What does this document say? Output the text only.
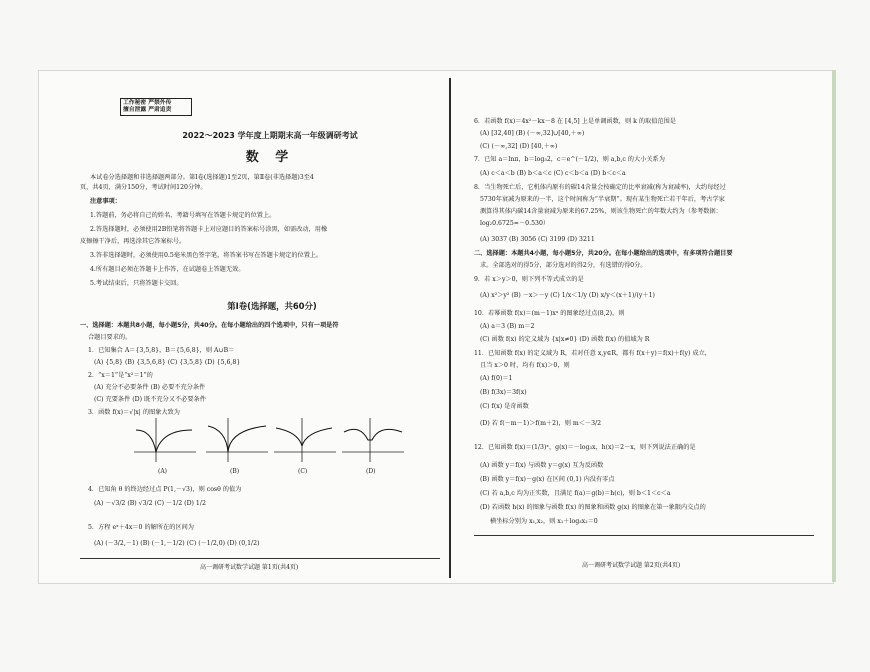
工作秘密 严禁外传
擅自泄露 严肃追责
2022～2023 学年度上期期末高一年级调研考试
数 学
本试卷分选择题和非选择题两部分。第Ⅰ卷(选择题)1至2页，第Ⅱ卷(非选择题)3至4
页，共4页，满分150分，考试时间120分钟。
注意事项：
1.答题前，务必将自己的姓名、考籍号填写在答题卡规定的位置上。
2.答选择题时，必须使用2B铅笔将答题卡上对应题目的答案标号涂黑，如需改动，用橡
皮擦擦干净后，再选涂其它答案标号。
3.答非选择题时，必须使用0.5毫米黑色签字笔，将答案书写在答题卡规定的位置上。
4.所有题目必须在答题卡上作答，在试题卷上答题无效。
5.考试结束后，只将答题卡交回。
一、选择题：本题共8小题，每小题5分，共40分。在每小题给出的四个选项中，只有一项是符
合题目要求的。
1．已知集合 A＝{3,5,8}，B＝{5,6,8}，则 A∪B＝
(A) {5,8} (B) {3,5,6,8} (C) {3,5,8} (D) {5,6,8}
2．“x＝1”是“x²＝1”的
(A) 充分不必要条件 (B) 必要不充分条件
(C) 充要条件 (D) 既不充分又不必要条件
3．函数 f(x)＝√|x| 的图象大致为
4．已知角 θ 的终边经过点 P(1,－√3)，则 cosθ 的值为
(A) －√3/2 (B) √3/2 (C) －1/2 (D) 1/2
5．方程 eˣ＋4x＝0 的解所在的区间为
(A) (－3/2,－1) (B) (－1,－1/2) (C) (－1/2,0) (D) (0,1/2)
第Ⅰ卷(选择题，共60分)
(A)	(B)	(C)	(D)
高一调研考试数学试题 第1页(共4页)
6．若函数 f(x)＝4x²－kx－8 在 [4,5] 上是单调函数，则 k 的取值范围是
(A) [32,40] (B) (－∞,32]∪[40,＋∞)
(C) (－∞,32] (D) [40,＋∞)
7．已知 a＝lnπ，b＝log₃2，c＝e^(－1/2)，则 a,b,c 的大小关系为
(A) c＜a＜b (B) b＜a＜c (C) c＜b＜a (D) b＜c＜a
8．当生物死亡后，它机体内原有的碳14含量会按确定的比率衰减(称为衰减率)，大约每经过
5730年衰减为原来的一半，这个时间称为“半衰期”。现有某生物死亡若干年后，考古学家
测算得其体内碳14含量衰减为原来的67.25%，则该生物死亡的年数大约为（参考数据：
log₂0.6725≈－0.530）
(A) 3037 (B) 3056 (C) 3199 (D) 3211
二、选择题：本题共4小题，每小题5分，共20分。在每小题给出的选项中，有多项符合题目要
求。全部选对的得5分，部分选对的得2分，有选错的得0分。
9．若 x＞y＞0，则下列不等式成立的是
(A) x²＞y² (B) －x＞－y (C) 1/x＜1/y (D) x/y＜(x＋1)/(y＋1)
10．若幂函数 f(x)＝(m－1)xᵃ 的图象经过点(8,2)，则
(A) a＝3 (B) m＝2
(C) 函数 f(x) 的定义域为 {x|x≠0} (D) 函数 f(x) 的值域为 R
11．已知函数 f(x) 的定义域为 R，若对任意 x,y∈R，都有 f(x＋y)＝f(x)＋f(y) 成立，
且当 x＞0 时，均有 f(x)＞0，则
(A) f(0)＝1
(B) f(3x)＝3f(x)
(C) f(x) 是奇函数
(D) 若 f(－m－1)＞f(m＋2)，则 m＜－3/2
12．已知函数 f(x)＝(1/3)ˣ，g(x)＝－log₃x，h(x)＝2－x，则下列说法正确的是
(A) 函数 y＝f(x) 与函数 y＝g(x) 互为反函数
(B) 函数 y＝f(x)－g(x) 在区间 (0,1) 内没有零点
(C) 若 a,b,c 均为正实数，且满足 f(a)＝g(b)＝h(c)，则 b＜1＜c＜a
(D) 若函数 h(x) 的图象与函数 f(x) 的图象和函数 g(x) 的图象在第一象限内交点的
横坐标分别为 x₁,x₂，则 x₁＋log₃x₂＝0
高一调研考试数学试题 第2页(共4页)
